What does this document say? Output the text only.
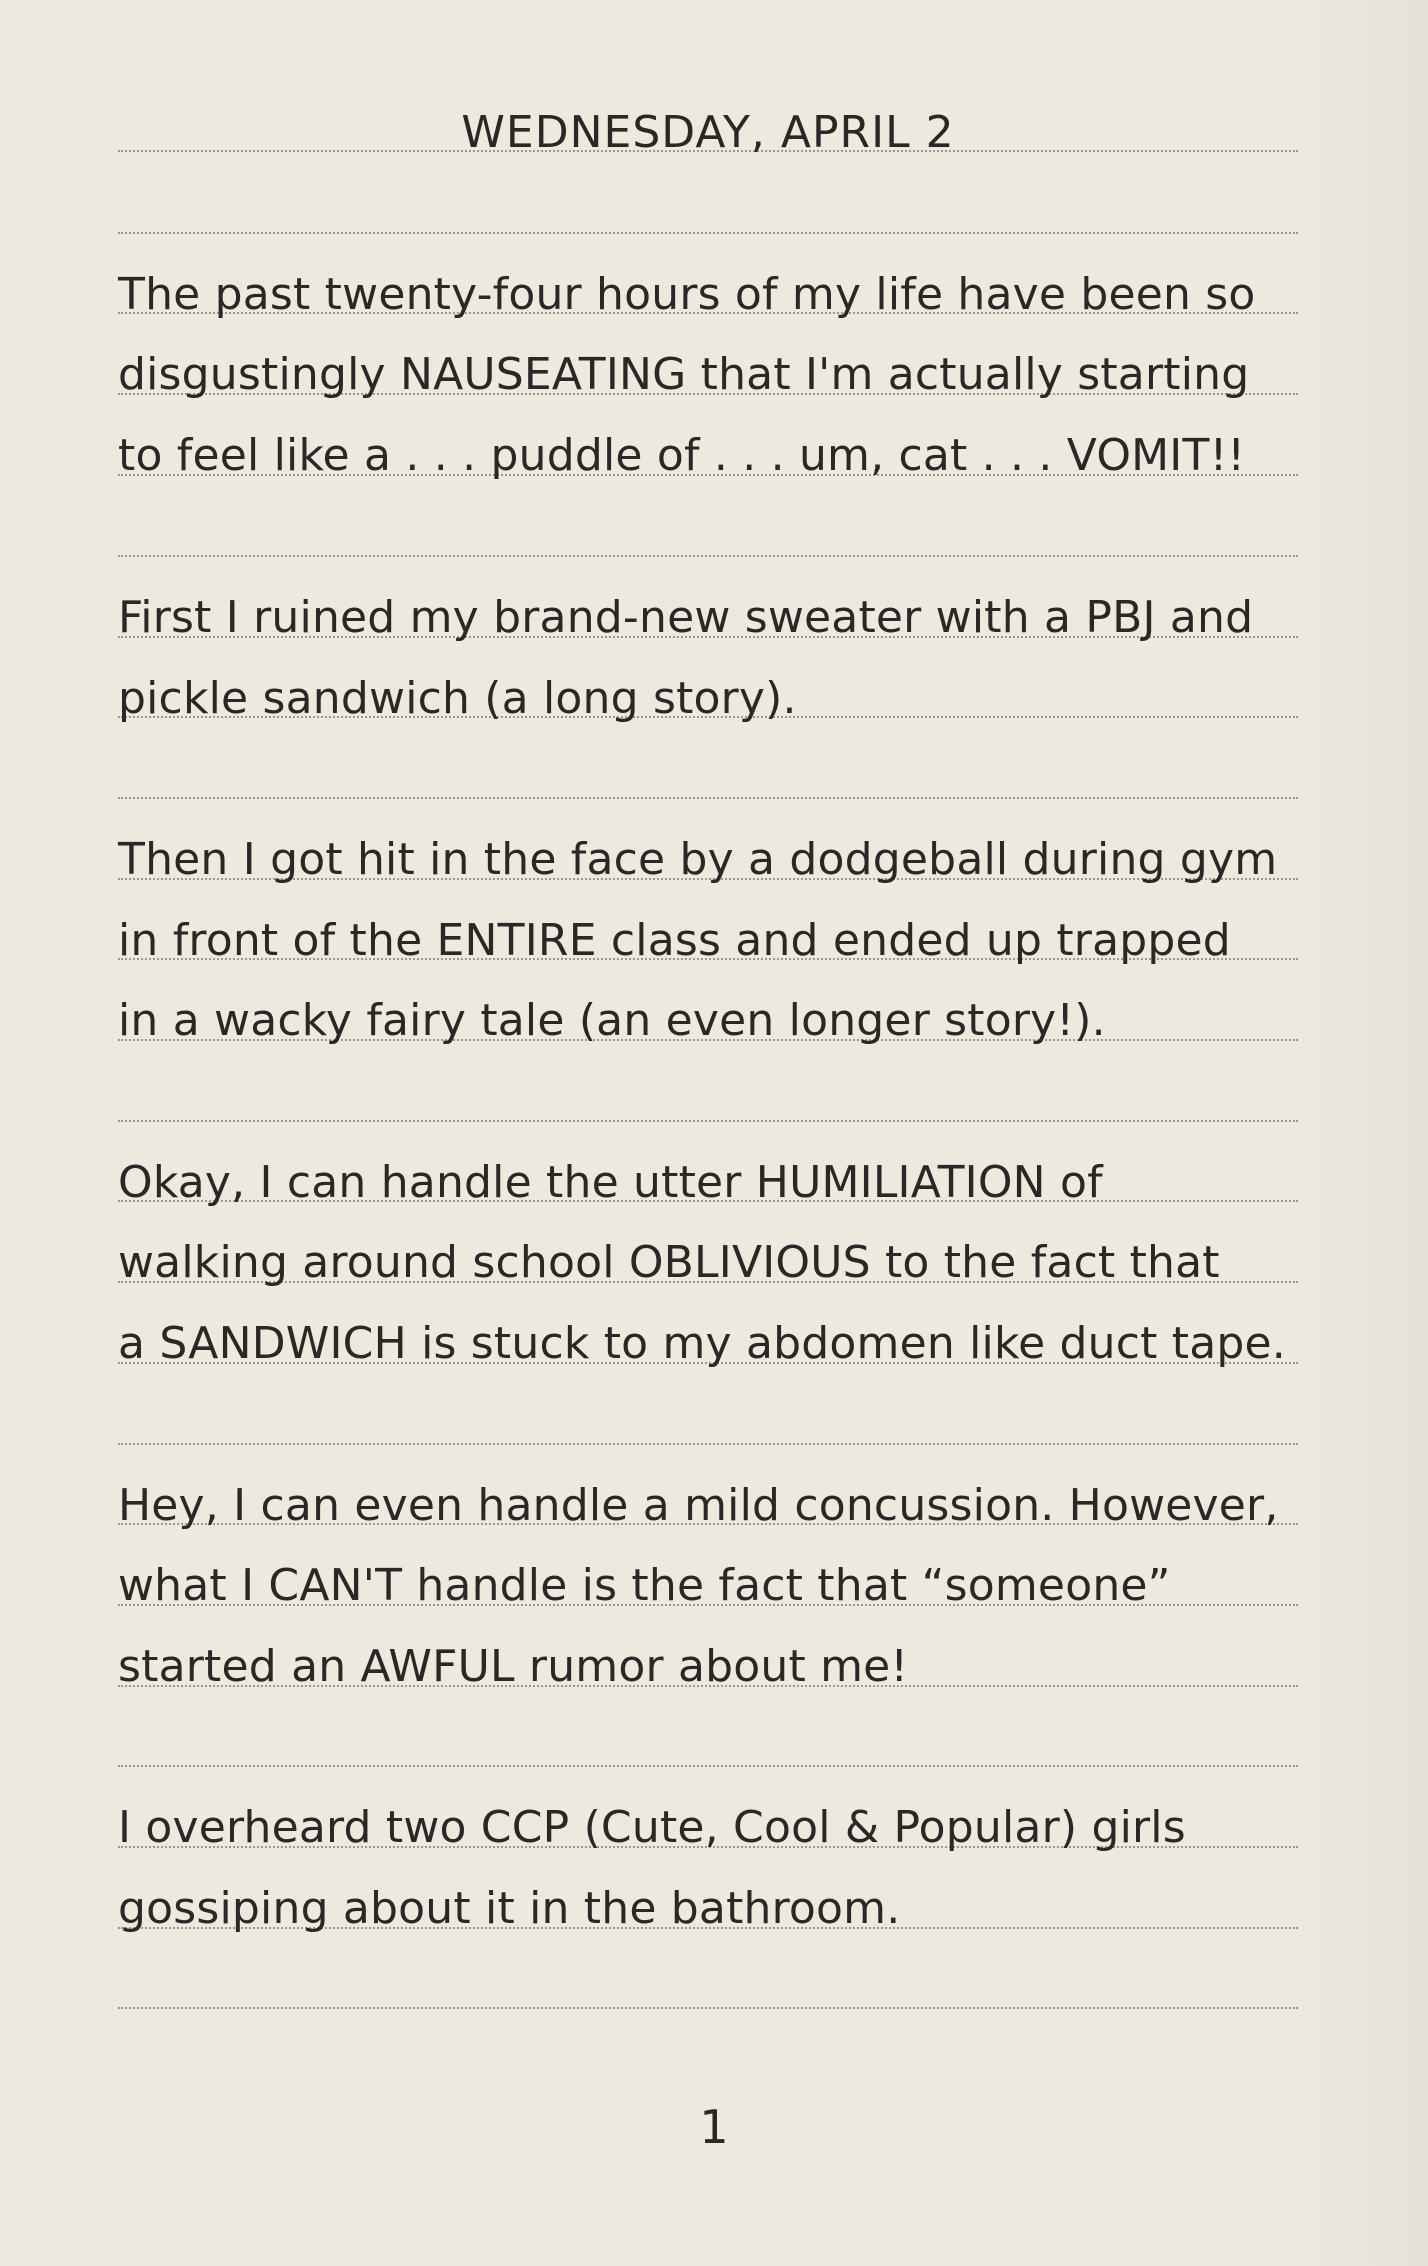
WEDNESDAY, APRIL 2
The past twenty-four hours of my life have been so
disgustingly NAUSEATING that I'm actually starting
to feel like a . . . puddle of . . . um, cat . . . VOMIT!!
First I ruined my brand-new sweater with a PBJ and
pickle sandwich (a long story).
Then I got hit in the face by a dodgeball during gym
in front of the ENTIRE class and ended up trapped
in a wacky fairy tale (an even longer story!).
Okay, I can handle the utter HUMILIATION of
walking around school OBLIVIOUS to the fact that
a SANDWICH is stuck to my abdomen like duct tape.
Hey, I can even handle a mild concussion. However,
what I CAN'T handle is the fact that “someone”
started an AWFUL rumor about me!
I overheard two CCP (Cute, Cool & Popular) girls
gossiping about it in the bathroom.
1
